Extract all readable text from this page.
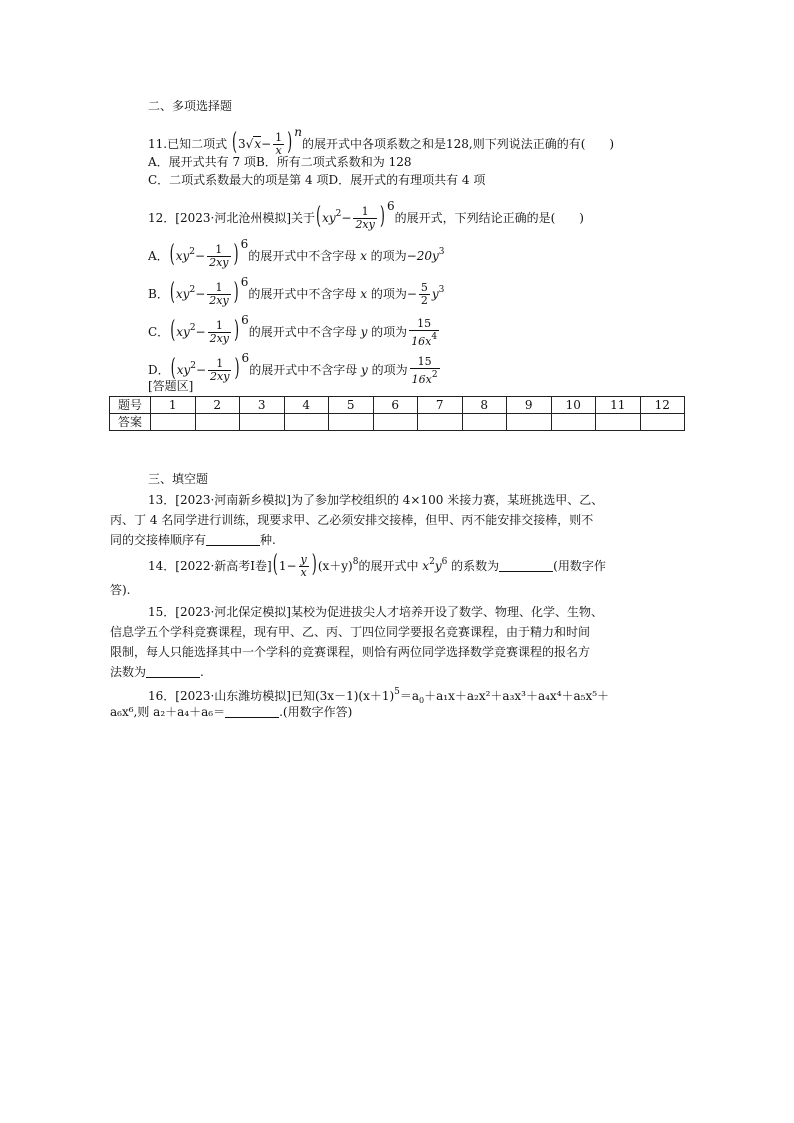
二、多项选择题
11.已知二项式 ($3√x- \frac{1}{x}$ ) n的展开式中各项系数之和是128,则下列说法正确的有(　　)
A．展开式共有 7 项B．所有二项式系数和为 128
C．二项式系数最大的项是第 4 项D．展开式的有理项共有 4 项
12．[2023·河北沧州模拟]关于($xy^2- \frac{1}{2xy}$ ) 6的展开式，下列结论正确的是(　　)
A．($xy^2- \frac{1}{2xy}$ ) 6的展开式中不含字母 x 的项为$-20y^3$
B．($xy^2- \frac{1}{2xy}$ ) 6的展开式中不含字母 x 的项为− $\frac{5}{2} y^3$
C．($xy^2- \frac{1}{2xy}$ ) 6的展开式中不含字母 y 的项为 $\frac{15}{16x^4}$
D．($xy^2- \frac{1}{2xy}$ ) 6的展开式中不含字母 y 的项为 $\frac{15}{16x^2}$
[答题区]
题号	1	2	3	4	5	6	7	8	9	10	11	12
答案												
三、填空题
13．[2023·河南新乡模拟]为了参加学校组织的 4×100 米接力赛，某班挑选甲、乙、
丙、丁 4 名同学进行训练，现要求甲、乙必须安排交接棒，但甲、丙不能安排交接棒，则不
同的交接棒顺序有	种.
14．[2022·新高考Ⅰ卷]$(1- \frac{y}{x} )(x+y)^8$的展开式中 $x^2y^6$ 的系数为	(用数字作
答).
15．[2023·河北保定模拟]某校为促进拔尖人才培养开设了数学、物理、化学、生物、
信息学五个学科竞赛课程，现有甲、乙、丙、丁四位同学要报名竞赛课程，由于精力和时间
限制，每人只能选择其中一个学科的竞赛课程，则恰有两位同学选择数学竞赛课程的报名方
法数为	.
16．[2023·山东潍坊模拟]已知$(3x-1)(x+1)^5=a_0+a_1x+a_2x^2+a_3x^3+a_4x^4+a_5x^5+$
a₆x⁶,则 a₂＋a₄＋a₆＝	.(用数字作答)
